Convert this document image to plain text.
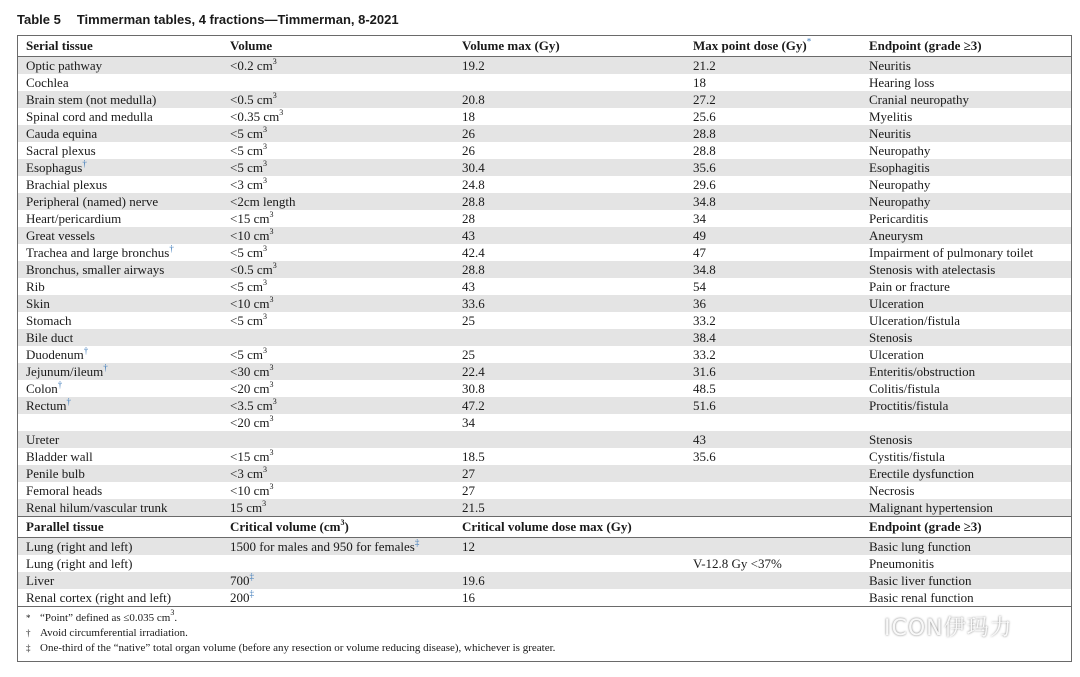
Table 5 Timmerman tables, 4 fractions—Timmerman, 8-2021
Serial tissue	Volume	Volume max (Gy)	Max point dose (Gy)*	Endpoint (grade ≥3)
Optic pathway	<0.2 $cm^3$	19.2	21.2	Neuritis
Cochlea			18	Hearing loss
Brain stem (not medulla)	<0.5 $cm^3$	20.8	27.2	Cranial neuropathy
Spinal cord and medulla	<0.35 $cm^3$	18	25.6	Myelitis
Cauda equina	<5 $cm^3$	26	28.8	Neuritis
Sacral plexus	<5 $cm^3$	26	28.8	Neuropathy
Esophagus†	<5 $cm^3$	30.4	35.6	Esophagitis
Brachial plexus	<3 $cm^3$	24.8	29.6	Neuropathy
Peripheral (named) nerve	<2cm length	28.8	34.8	Neuropathy
Heart/pericardium	<15 $cm^3$	28	34	Pericarditis
Great vessels	<10 $cm^3$	43	49	Aneurysm
Trachea and large bronchus†	<5 $cm^3$	42.4	47	Impairment of pulmonary toilet
Bronchus, smaller airways	<0.5 $cm^3$	28.8	34.8	Stenosis with atelectasis
Rib	<5 $cm^3$	43	54	Pain or fracture
Skin	<10 $cm^3$	33.6	36	Ulceration
Stomach	<5 $cm^3$	25	33.2	Ulceration/fistula
Bile duct			38.4	Stenosis
Duodenum†	<5 $cm^3$	25	33.2	Ulceration
Jejunum/ileum†	<30 $cm^3$	22.4	31.6	Enteritis/obstruction
Colon†	<20 $cm^3$	30.8	48.5	Colitis/fistula
Rectum†	<3.5 $cm^3$	47.2	51.6	Proctitis/fistula
	<20 $cm^3$	34		
Ureter			43	Stenosis
Bladder wall	<15 $cm^3$	18.5	35.6	Cystitis/fistula
Penile bulb	<3 $cm^3$	27		Erectile dysfunction
Femoral heads	<10 $cm^3$	27		Necrosis
Renal hilum/vascular trunk	15 $cm^3$	21.5		Malignant hypertension
Parallel tissue	Critical volume $(cm^3)$	Critical volume dose max (Gy)		Endpoint (grade ≥3)
Lung (right and left)	1500 for males and 950 for females‡	12		Basic lung function
Lung (right and left)			V-12.8 Gy <37%	Pneumonitis
Liver	700‡	19.6		Basic liver function
Renal cortex (right and left)	200‡	16		Basic renal function
* “Point” defined as ≤0.035 $cm^3$.
† Avoid circumferential irradiation.
‡ One-third of the “native” total organ volume (before any resection or volume reducing disease), whichever is greater.
ICON伊玛力
